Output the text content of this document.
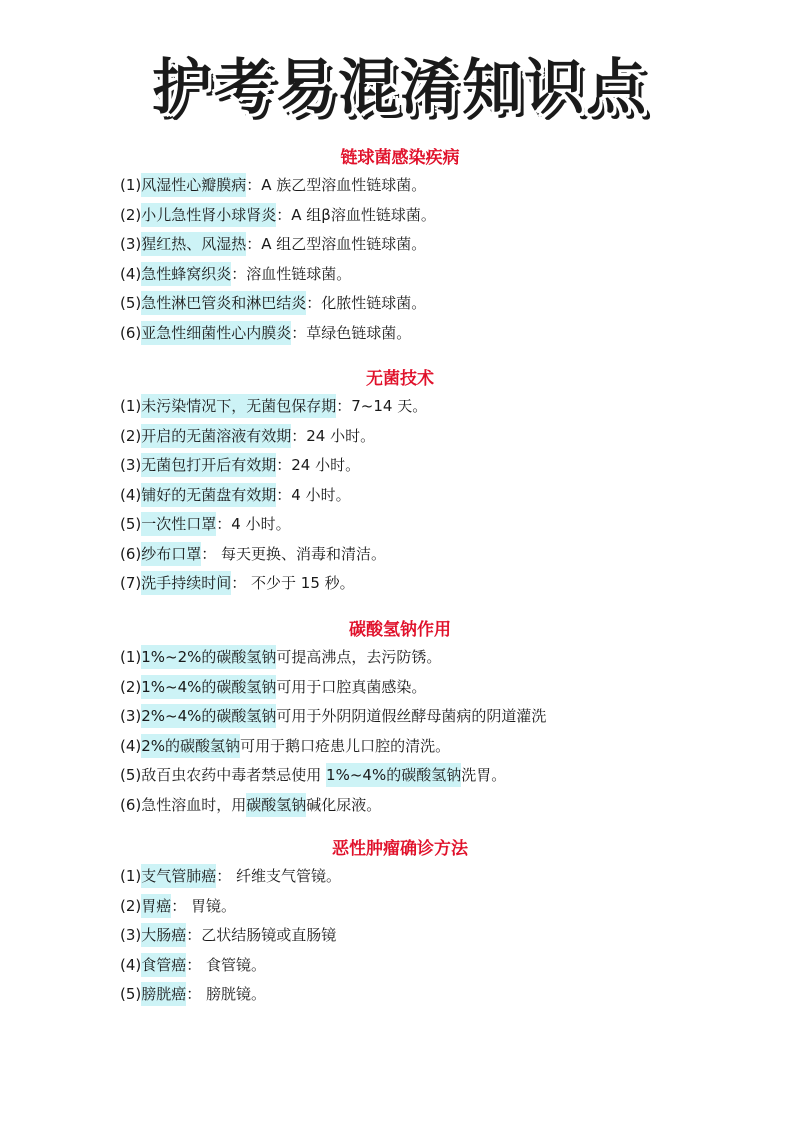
护考易混淆知识点
链球菌感染疾病
(1)风湿性心瓣膜病：A 族乙型溶血性链球菌。
(2)小儿急性肾小球肾炎：A 组β溶血性链球菌。
(3)猩红热、风湿热：A 组乙型溶血性链球菌。
(4)急性蜂窝织炎：溶血性链球菌。
(5)急性淋巴管炎和淋巴结炎：化脓性链球菌。
(6)亚急性细菌性心内膜炎：草绿色链球菌。
无菌技术
(1)未污染情况下，无菌包保存期：7~14 天。
(2)开启的无菌溶液有效期：24 小时。
(3)无菌包打开后有效期：24 小时。
(4)铺好的无菌盘有效期：4 小时。
(5)一次性口罩：4 小时。
(6)纱布口罩： 每天更换、消毒和清洁。
(7)洗手持续时间： 不少于 15 秒。
碳酸氢钠作用
(1)1%~2%的碳酸氢钠可提高沸点，去污防锈。
(2)1%~4%的碳酸氢钠可用于口腔真菌感染。
(3)2%~4%的碳酸氢钠可用于外阴阴道假丝酵母菌病的阴道灌洗
(4)2%的碳酸氢钠可用于鹅口疮患儿口腔的清洗。
(5)敌百虫农药中毒者禁忌使用 1%~4%的碳酸氢钠洗胃。
(6)急性溶血时，用碳酸氢钠碱化尿液。
恶性肿瘤确诊方法
(1)支气管肺癌： 纤维支气管镜。
(2)胃癌： 胃镜。
(3)大肠癌：乙状结肠镜或直肠镜
(4)食管癌： 食管镜。
(5)膀胱癌： 膀胱镜。
